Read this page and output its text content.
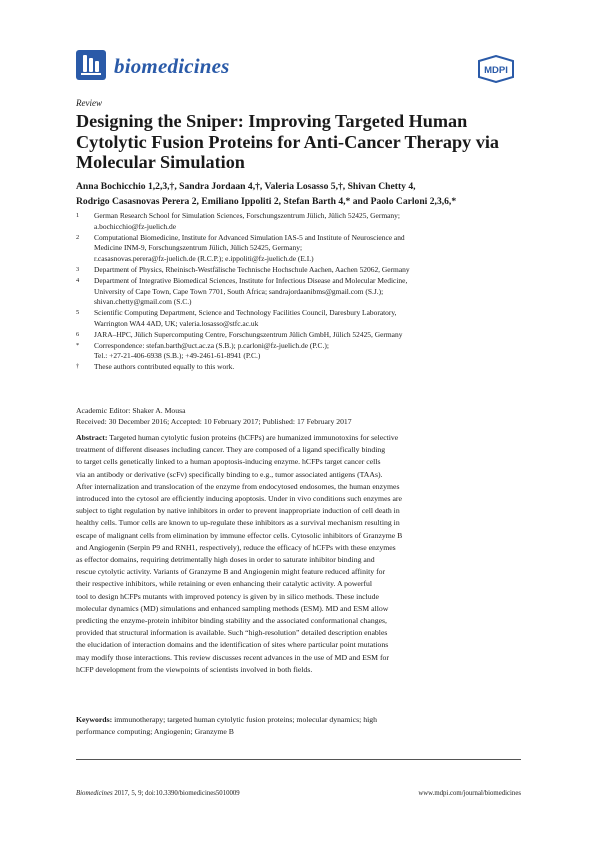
biomedicines	MDPI
Review
Designing the Sniper: Improving Targeted Human Cytolytic Fusion Proteins for Anti-Cancer Therapy via Molecular Simulation
Anna Bochicchio 1,2,3,†, Sandra Jordaan 4,†, Valeria Losasso 5,†, Shivan Chetty 4,
Rodrigo Casasnovas Perera 2, Emiliano Ippoliti 2, Stefan Barth 4,* and Paolo Carloni 2,3,6,*
1	German Research School for Simulation Sciences, Forschungszentrum Jülich, Jülich 52425, Germany;
a.bochicchio@fz-juelich.de
2	Computational Biomedicine, Institute for Advanced Simulation IAS-5 and Institute of Neuroscience and
Medicine INM-9, Forschungszentrum Jülich, Jülich 52425, Germany;
r.casasnovas.perera@fz-juelich.de (R.C.P.); e.ippoliti@fz-juelich.de (E.I.)
3	Department of Physics, Rheinisch-Westfälische Technische Hochschule Aachen, Aachen 52062, Germany
4	Department of Integrative Biomedical Sciences, Institute for Infectious Disease and Molecular Medicine,
University of Cape Town, Cape Town 7701, South Africa; sandrajordaanibms@gmail.com (S.J.);
shivan.chetty@gmail.com (S.C.)
5	Scientific Computing Department, Science and Technology Facilities Council, Daresbury Laboratory,
Warrington WA4 4AD, UK; valeria.losasso@stfc.ac.uk
6	JARA–HPC, Jülich Supercomputing Centre, Forschungszentrum Jülich GmbH, Jülich 52425, Germany
*	Correspondence: stefan.barth@uct.ac.za (S.B.); p.carloni@fz-juelich.de (P.C.);
Tel.: +27-21-406-6938 (S.B.); +49-2461-61-8941 (P.C.)
†	These authors contributed equally to this work.
Academic Editor: Shaker A. Mousa
Received: 30 December 2016; Accepted: 10 February 2017; Published: 17 February 2017
Abstract: Targeted human cytolytic fusion proteins (hCFPs) are humanized immunotoxins for selective
treatment of different diseases including cancer. They are composed of a ligand specifically binding
to target cells genetically linked to a human apoptosis-inducing enzyme. hCFPs target cancer cells
via an antibody or derivative (scFv) specifically binding to e.g., tumor associated antigens (TAAs).
After internalization and translocation of the enzyme from endocytosed endosomes, the human enzymes
introduced into the cytosol are efficiently inducing apoptosis. Under in vivo conditions such enzymes are
subject to tight regulation by native inhibitors in order to prevent inappropriate induction of cell death in
healthy cells. Tumor cells are known to up-regulate these inhibitors as a survival mechanism resulting in
escape of malignant cells from elimination by immune effector cells. Cytosolic inhibitors of Granzyme B
and Angiogenin (Serpin P9 and RNH1, respectively), reduce the efficacy of hCFPs with these enzymes
as effector domains, requiring detrimentally high doses in order to saturate inhibitor binding and
rescue cytolytic activity. Variants of Granzyme B and Angiogenin might feature reduced affinity for
their respective inhibitors, while retaining or even enhancing their catalytic activity. A powerful
tool to design hCFPs mutants with improved potency is given by in silico methods. These include
molecular dynamics (MD) simulations and enhanced sampling methods (ESM). MD and ESM allow
predicting the enzyme-protein inhibitor binding stability and the associated conformational changes,
provided that structural information is available. Such “high-resolution” detailed description enables
the elucidation of interaction domains and the identification of sites where particular point mutations
may modify those interactions. This review discusses recent advances in the use of MD and ESM for
hCFP development from the viewpoints of scientists involved in both fields.
Keywords: immunotherapy; targeted human cytolytic fusion proteins; molecular dynamics; high
performance computing; Angiogenin; Granzyme B
Biomedicines 2017, 5, 9; doi:10.3390/biomedicines5010009	www.mdpi.com/journal/biomedicines
